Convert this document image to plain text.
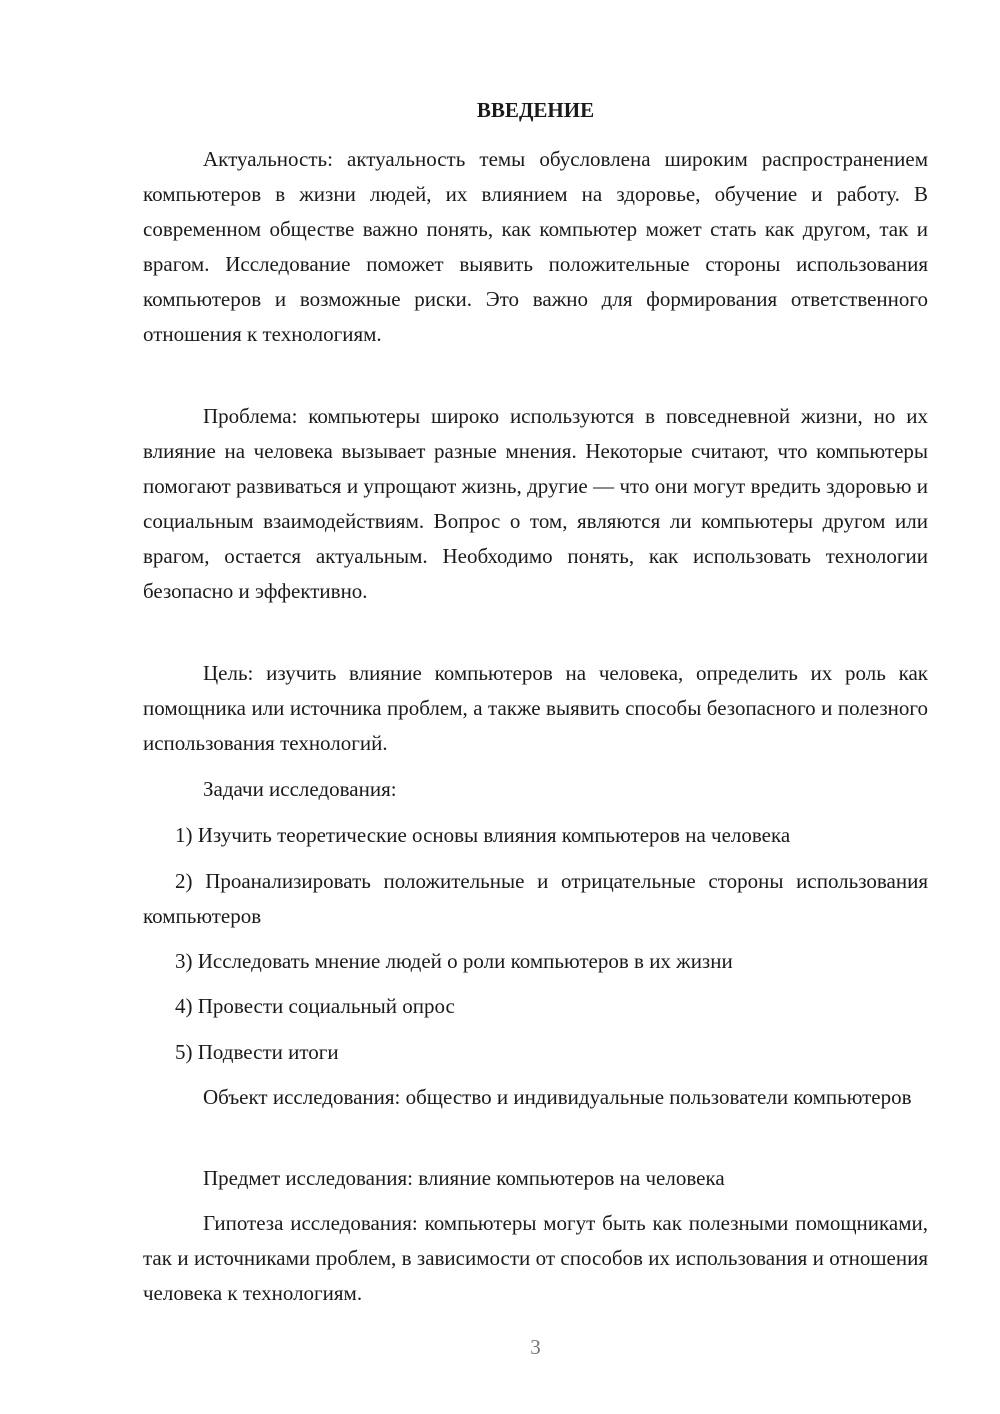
ВВЕДЕНИЕ

Актуальность: актуальность темы обусловлена широким распространением компьютеров в жизни людей, их влиянием на здоровье, обучение и работу. В современном обществе важно понять, как компьютер может стать как другом, так и врагом. Исследование поможет выявить положительные стороны использования компьютеров и возможные риски. Это важно для формирования ответственного отношения к технологиям.

Проблема: компьютеры широко используются в повседневной жизни, но их влияние на человека вызывает разные мнения. Некоторые считают, что компьютеры помогают развиваться и упрощают жизнь, другие — что они могут вредить здоровью и социальным взаимодействиям. Вопрос о том, являются ли компьютеры другом или врагом, остается актуальным. Необходимо понять, как использовать технологии безопасно и эффективно.

Цель: изучить влияние компьютеров на человека, определить их роль как помощника или источника проблем, а также выявить способы безопасного и полезного использования технологий.

Задачи исследования:

1) Изучить теоретические основы влияния компьютеров на человека

2) Проанализировать положительные и отрицательные стороны использования компьютеров

3) Исследовать мнение людей о роли компьютеров в их жизни

4) Провести социальный опрос

5) Подвести итоги

Объект исследования: общество и индивидуальные пользователи компьютеров

Предмет исследования: влияние компьютеров на человека

Гипотеза исследования: компьютеры могут быть как полезными помощниками, так и источниками проблем, в зависимости от способов их использования и отношения человека к технологиям.

3
